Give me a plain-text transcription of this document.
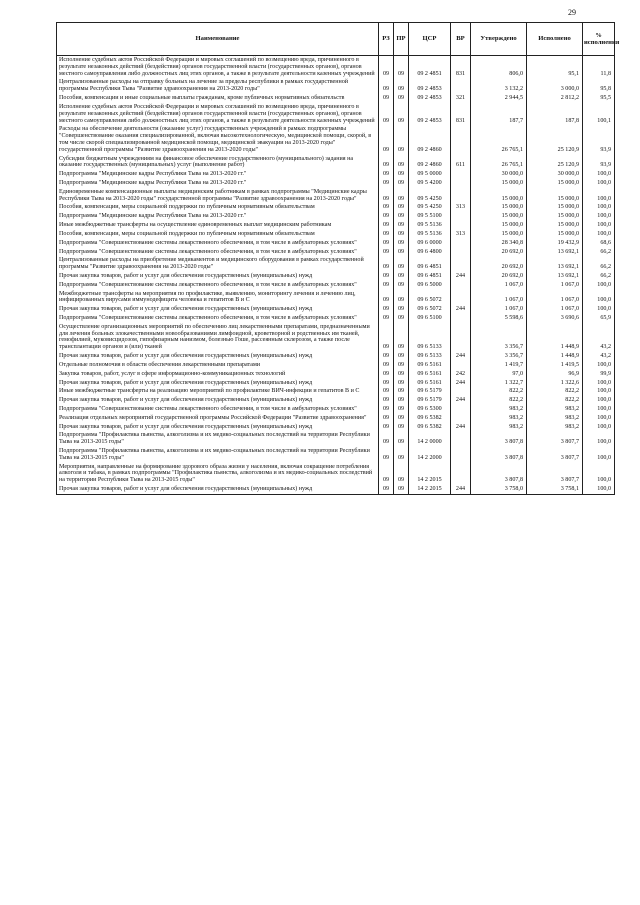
29
Наименование	РЗ	ПР	ЦСР	ВР	Утверждено	Исполнено	% исполнения
Исполнение судебных актов Российской Федерации и мировых соглашений по возмещению вреда, причиненного в результате незаконных действий (бездействия) органов государственной власти (государственных органов), органов местного самоуправления либо должностных лиц этих органов, а также в результате деятельности казенных учреждений	09	09	09 2 4851	831	806,0	95,1	11,8
Централизованные расходы на отправку больных на лечение за пределы республики в рамках государственной программы Республики Тыва "Развитие здравоохранения на 2013-2020 годы"	09	09	09 2 4853		3 132,2	3 000,0	95,8
Пособия, компенсации и иные социальные выплаты гражданам, кроме публичных нормативных обязательств	09	09	09 2 4853	321	2 944,5	2 812,2	95,5
Исполнение судебных актов Российской Федерации и мировых соглашений по возмещению вреда, причиненного в результате незаконных действий (бездействия) органов государственной власти (государственных органов), органов местного самоуправления либо должностных лиц этих органов, а также в результате деятельности казенных учреждений	09	09	09 2 4853	831	187,7	187,8	100,1
Расходы на обеспечение деятельности (оказание услуг) государственных учреждений в рамках подпрограммы "Совершенствование оказания специализированной, включая высокотехнологическую, медицинской помощи, скорой, в том числе скорой специализированной медицинской помощи, медицинской эвакуации на 2013-2020 годы" государственной программы "Развитие здравоохранения на 2013-2020 годы"	09	09	09 2 4860		26 765,1	25 120,9	93,9
Субсидии бюджетным учреждениям на финансовое обеспечение государственного (муниципального) задания на оказание государственных (муниципальных) услуг (выполнение работ)	09	09	09 2 4860	611	26 765,1	25 120,9	93,9
Подпрограмма "Медицинские кадры Республики Тыва на 2013-2020 гг."	09	09	09 5 0000		30 000,0	30 000,0	100,0
Подпрограмма "Медицинские кадры Республики Тыва на 2013-2020 гг."	09	09	09 5 4200		15 000,0	15 000,0	100,0
Единовременные компенсационные выплаты медицинским работникам в рамках подпрограммы "Медицинские кадры Республики Тыва на 2013-2020 годы" государственной программы "Развитие здравоохранения на 2013-2020 годы"	09	09	09 5 4250		15 000,0	15 000,0	100,0
Пособия, компенсации, меры социальной поддержки по публичным нормативным обязательствам	09	09	09 5 4250	313	15 000,0	15 000,0	100,0
Подпрограмма "Медицинские кадры Республики Тыва на 2013-2020 гг."	09	09	09 5 5100		15 000,0	15 000,0	100,0
Иные межбюджетные трансферты на осуществление единовременных выплат медицинским работникам	09	09	09 5 5136		15 000,0	15 000,0	100,0
Пособия, компенсации, меры социальной поддержки по публичным нормативным обязательствам	09	09	09 5 5136	313	15 000,0	15 000,0	100,0
Подпрограмма "Совершенствование системы лекарственного обеспечения, в том числе в амбулаторных условиях"	09	09	09 6 0000		28 340,8	19 432,9	68,6
Подпрограмма "Совершенствование системы лекарственного обеспечения, в том числе в амбулаторных условиях"	09	09	09 6 4800		20 692,0	13 692,1	66,2
Централизованные расходы на приобретение медикаментов и медицинского оборудования в рамках государственной программы "Развитие здравоохранения на 2013-2020 годы"	09	09	09 6 4851		20 692,0	13 692,1	66,2
Прочая закупка товаров, работ и услуг для обеспечения государственных (муниципальных) нужд	09	09	09 6 4851	244	20 692,0	13 692,1	66,2
Подпрограмма "Совершенствование системы лекарственного обеспечения, в том числе в амбулаторных условиях"	09	09	09 6 5000		1 067,0	1 067,0	100,0
Межбюджетные трансферты на мероприятия по профилактике, выявлению, мониторингу лечения и лечению лиц, инфицированных вирусами иммунодефицита человека и гепатитов В и С	09	09	09 6 5072		1 067,0	1 067,0	100,0
Прочая закупка товаров, работ и услуг для обеспечения государственных (муниципальных) нужд	09	09	09 6 5072	244	1 067,0	1 067,0	100,0
Подпрограмма "Совершенствование системы лекарственного обеспечения, в том числе в амбулаторных условиях"	09	09	09 6 5100		5 598,6	3 690,6	65,9
Осуществление организационных мероприятий по обеспечению лиц лекарственными препаратами, предназначенными для лечения больных злокачественными новообразованиями лимфоидной, кроветворной и родственных им тканей, гемофилией, муковисцидозом, гипофизарным нанизмом, болезнью Гоше, рассеянным склерозом, а также после трансплантации органов и (или) тканей	09	09	09 6 5133		3 356,7	1 448,9	43,2
Прочая закупка товаров, работ и услуг для обеспечения государственных (муниципальных) нужд	09	09	09 6 5133	244	3 356,7	1 448,9	43,2
Отдельные полномочия в области обеспечения лекарственными препаратами	09	09	09 6 5161		1 419,7	1 419,5	100,0
Закупка товаров, работ, услуг в сфере информационно-коммуникационных технологий	09	09	09 6 5161	242	97,0	96,9	99,9
Прочая закупка товаров, работ и услуг для обеспечения государственных (муниципальных) нужд	09	09	09 6 5161	244	1 322,7	1 322,6	100,0
Иные межбюджетные трансферты на реализацию мероприятий по профилактике ВИЧ-инфекции и гепатитов В и С	09	09	09 6 5179		822,2	822,2	100,0
Прочая закупка товаров, работ и услуг для обеспечения государственных (муниципальных) нужд	09	09	09 6 5179	244	822,2	822,2	100,0
Подпрограмма "Совершенствование системы лекарственного обеспечения, в том числе в амбулаторных условиях"	09	09	09 6 5300		983,2	983,2	100,0
Реализация отдельных мероприятий государственной программы Российской Федерации "Развитие здравоохранения"	09	09	09 6 5382		983,2	983,2	100,0
Прочая закупка товаров, работ и услуг для обеспечения государственных (муниципальных) нужд	09	09	09 6 5382	244	983,2	983,2	100,0
Подпрограмма "Профилактика пьянства, алкоголизма и их медико-социальных последствий на территории Республики Тыва на 2013-2015 годы"	09	09	14 2 0000		3 807,8	3 807,7	100,0
Подпрограмма "Профилактика пьянства, алкоголизма и их медико-социальных последствий на территории Республики Тыва на 2013-2015 годы"	09	09	14 2 2000		3 807,8	3 807,7	100,0
Мероприятия, направленные на формирование здорового образа жизни у населения, включая сокращение потребления алкоголя и табака, в рамках подпрограммы "Профилактика пьянства, алкоголизма и их медико-социальных последствий на территории Республики Тыва на 2013-2015 годы"	09	09	14 2 2015		3 807,8	3 807,7	100,0
Прочая закупка товаров, работ и услуг для обеспечения государственных (муниципальных) нужд	09	09	14 2 2015	244	3 758,0	3 758,1	100,0
